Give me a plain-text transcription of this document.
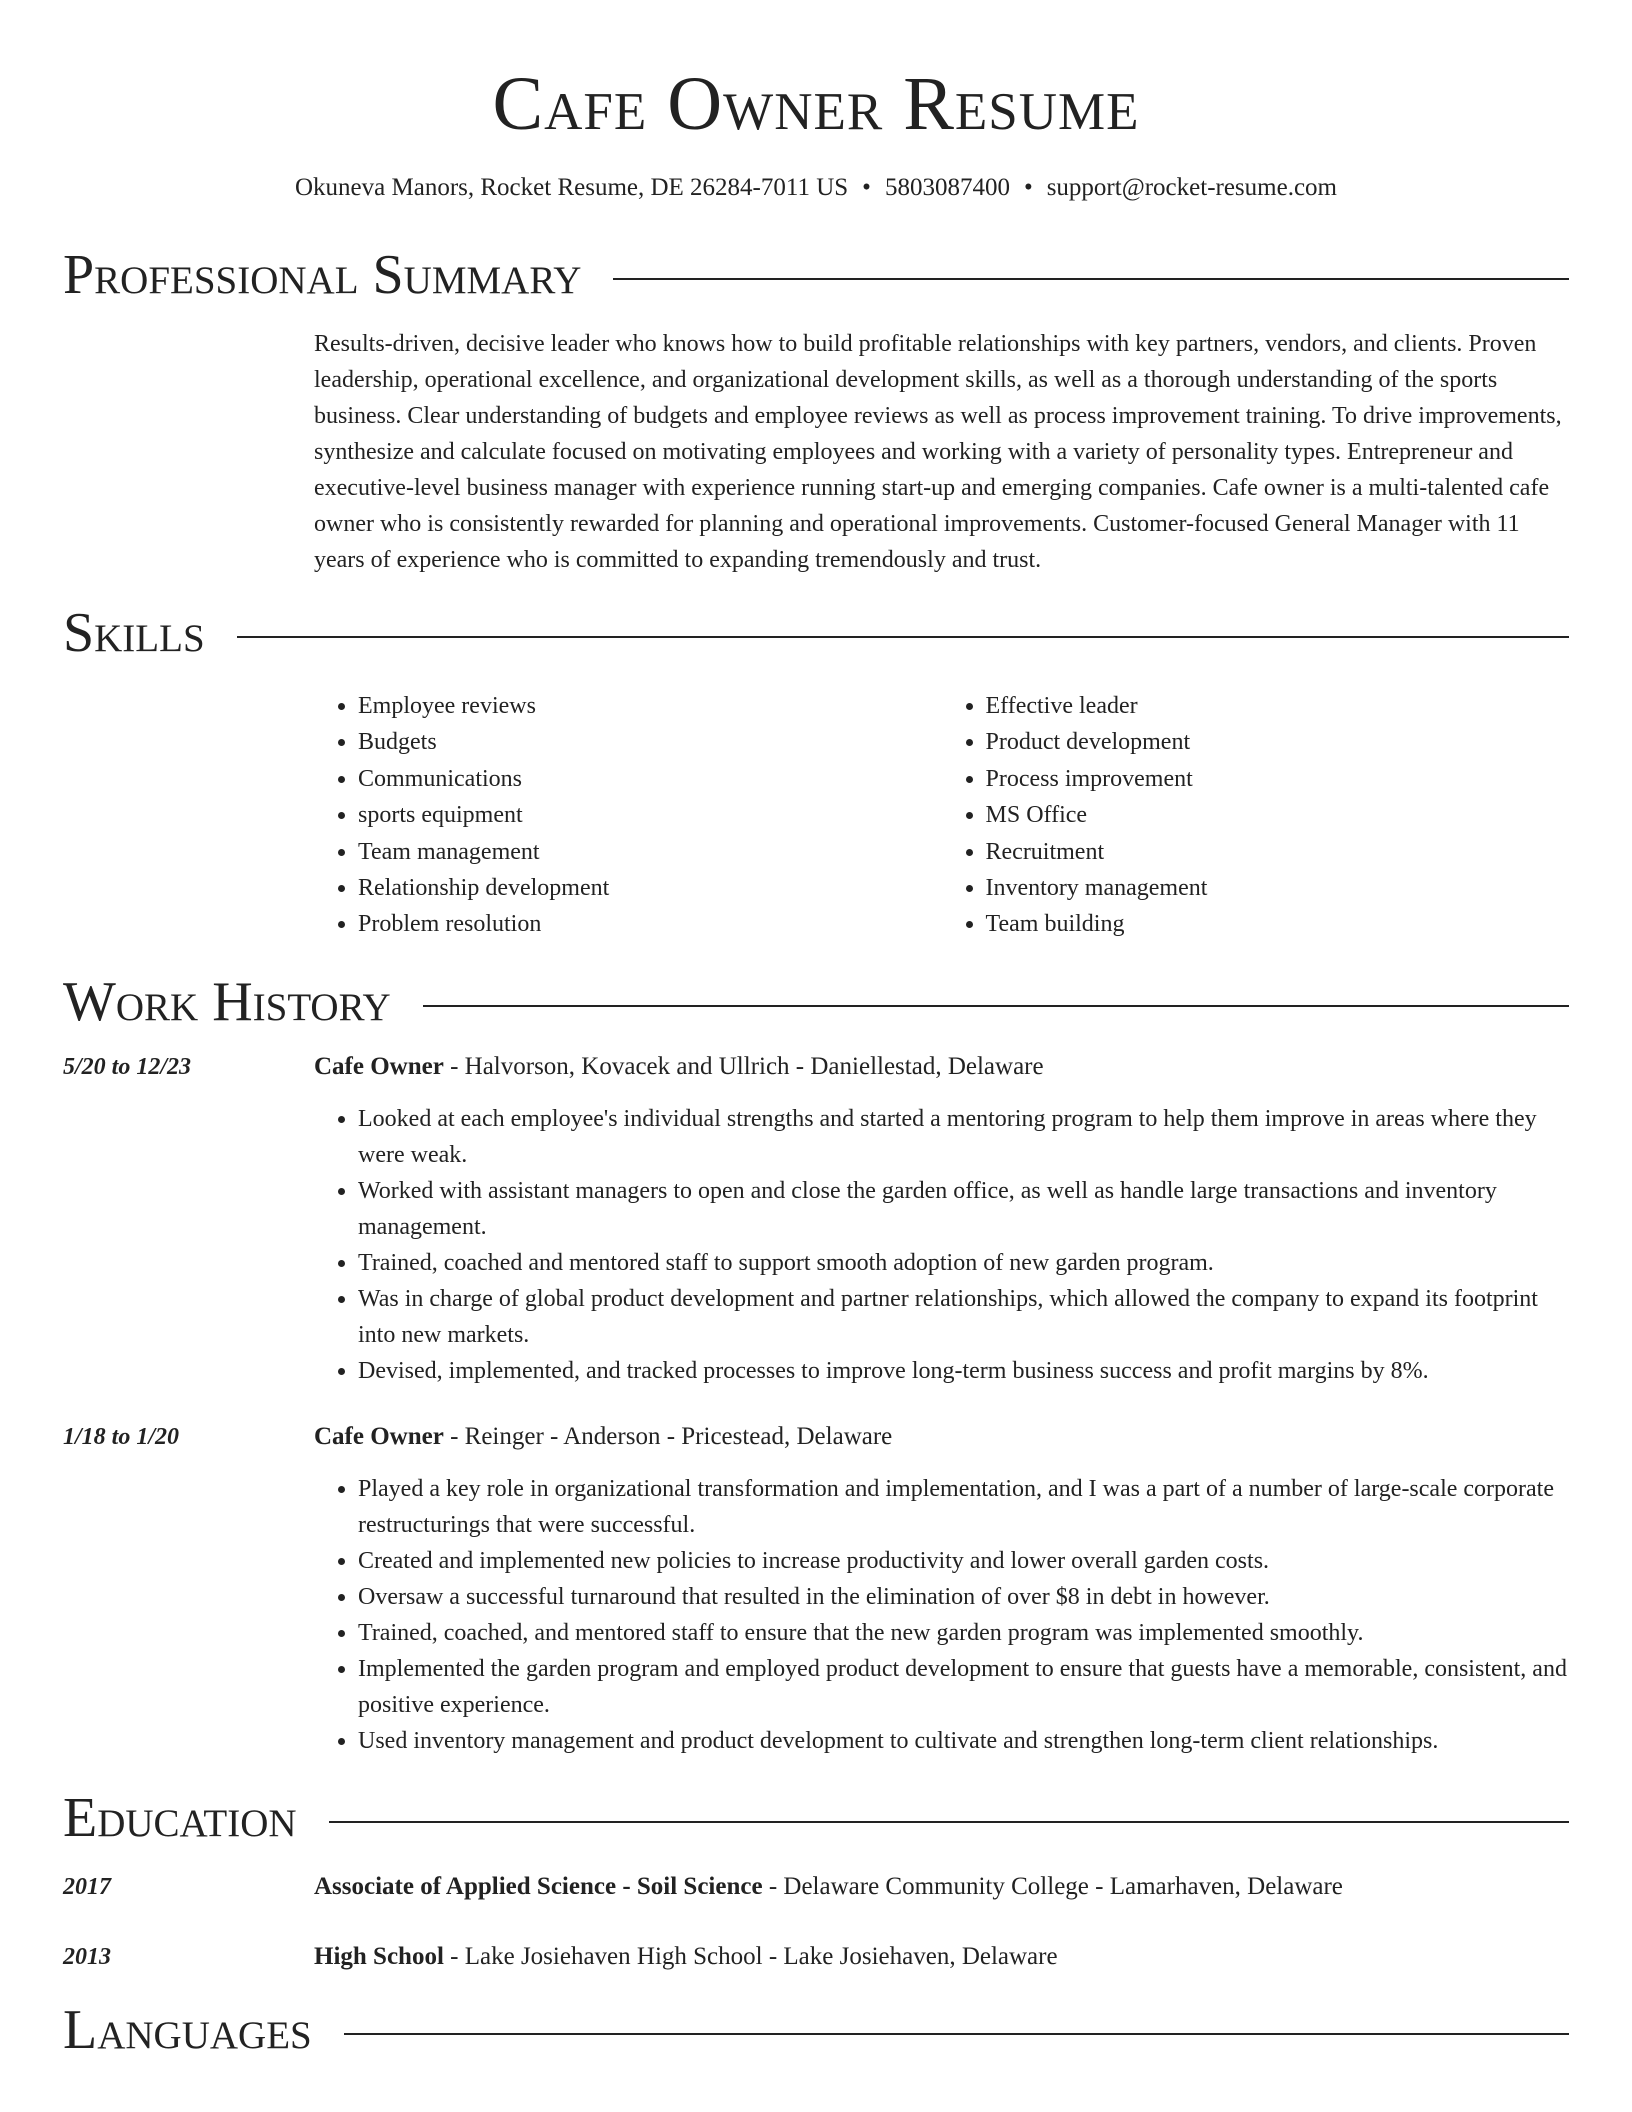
Cafe Owner Resume
Okuneva Manors, Rocket Resume, DE 26284-7011 US • 5803087400 • support@rocket-resume.com
Professional Summary
Results-driven, decisive leader who knows how to build profitable relationships with key partners, vendors, and clients. Proven leadership, operational excellence, and organizational development skills, as well as a thorough understanding of the sports business. Clear understanding of budgets and employee reviews as well as process improvement training. To drive improvements, synthesize and calculate focused on motivating employees and working with a variety of personality types. Entrepreneur and executive-level business manager with experience running start-up and emerging companies. Cafe owner is a multi-talented cafe owner who is consistently rewarded for planning and operational improvements. Customer-focused General Manager with 11 years of experience who is committed to expanding tremendously and trust.
Skills
• Employee reviews
• Budgets
• Communications
• sports equipment
• Team management
• Relationship development
• Problem resolution
• Effective leader
• Product development
• Process improvement
• MS Office
• Recruitment
• Inventory management
• Team building
Work History
5/20 to 12/23	Cafe Owner - Halvorson, Kovacek and Ullrich - Daniellestad, Delaware
• Looked at each employee's individual strengths and started a mentoring program to help them improve in areas where they were weak.
• Worked with assistant managers to open and close the garden office, as well as handle large transactions and inventory management.
• Trained, coached and mentored staff to support smooth adoption of new garden program.
• Was in charge of global product development and partner relationships, which allowed the company to expand its footprint into new markets.
• Devised, implemented, and tracked processes to improve long-term business success and profit margins by 8%.
1/18 to 1/20	Cafe Owner - Reinger - Anderson - Pricestead, Delaware
• Played a key role in organizational transformation and implementation, and I was a part of a number of large-scale corporate restructurings that were successful.
• Created and implemented new policies to increase productivity and lower overall garden costs.
• Oversaw a successful turnaround that resulted in the elimination of over $8 in debt in however.
• Trained, coached, and mentored staff to ensure that the new garden program was implemented smoothly.
• Implemented the garden program and employed product development to ensure that guests have a memorable, consistent, and positive experience.
• Used inventory management and product development to cultivate and strengthen long-term client relationships.
Education
2017	Associate of Applied Science - Soil Science - Delaware Community College - Lamarhaven, Delaware
2013	High School - Lake Josiehaven High School - Lake Josiehaven, Delaware
Languages
